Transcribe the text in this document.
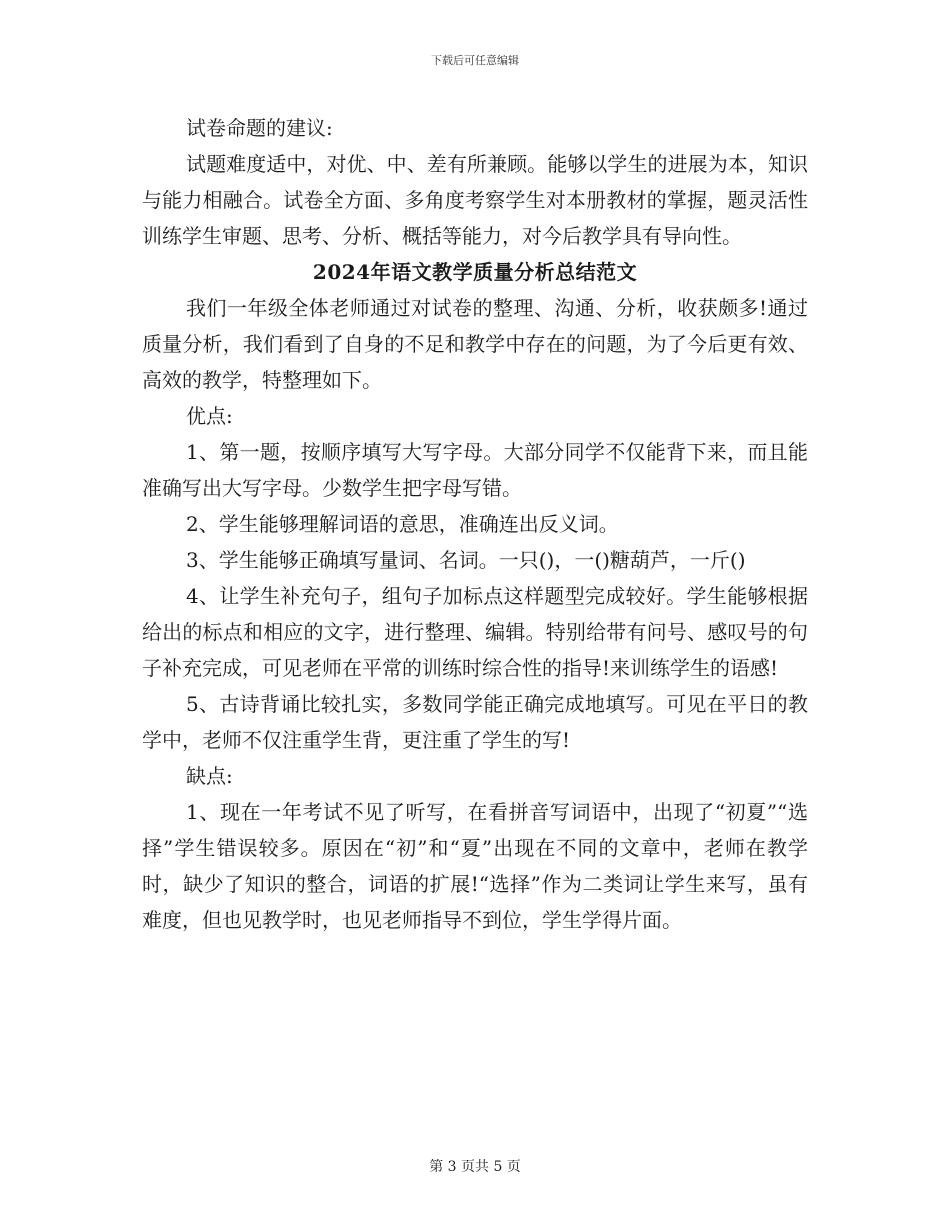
下载后可任意编辑

试卷命题的建议:

试题难度适中，对优、中、差有所兼顾。能够以学生的进展为本，知识与能力相融合。试卷全方面、多角度考察学生对本册教材的掌握，题灵活性训练学生审题、思考、分析、概括等能力，对今后教学具有导向性。

2024年语文教学质量分析总结范文

我们一年级全体老师通过对试卷的整理、沟通、分析，收获颇多!通过质量分析，我们看到了自身的不足和教学中存在的问题，为了今后更有效、高效的教学，特整理如下。

优点:

1、第一题，按顺序填写大写字母。大部分同学不仅能背下来，而且能准确写出大写字母。少数学生把字母写错。

2、学生能够理解词语的意思，准确连出反义词。

3、学生能够正确填写量词、名词。一只()，一()糖葫芦，一斤()

4、让学生补充句子，组句子加标点这样题型完成较好。学生能够根据给出的标点和相应的文字，进行整理、编辑。特别给带有问号、感叹号的句子补充完成，可见老师在平常的训练时综合性的指导!来训练学生的语感!

5、古诗背诵比较扎实，多数同学能正确完成地填写。可见在平日的教学中，老师不仅注重学生背，更注重了学生的写!

缺点:

1、现在一年考试不见了听写，在看拼音写词语中，出现了“初夏”“选择”学生错误较多。原因在“初”和“夏”出现在不同的文章中，老师在教学时，缺少了知识的整合，词语的扩展!“选择”作为二类词让学生来写，虽有难度，但也见教学时，也见老师指导不到位，学生学得片面。

第 3 页共 5 页
